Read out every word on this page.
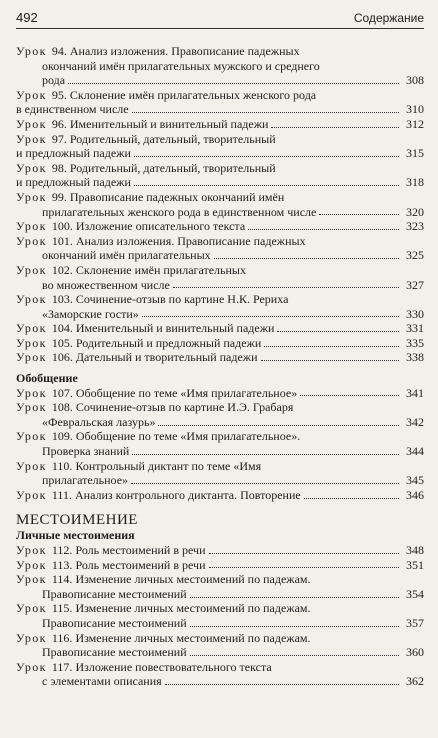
492	Содержание
Урок 94. Анализ изложения. Правописание падежных
окончаний имён прилагательных мужского и среднего
рода	308
Урок 95. Склонение имён прилагательных женского рода
в единственном числе	310
Урок 96. Именительный и винительный падежи	312
Урок 97. Родительный, дательный, творительный
и предложный падежи	315
Урок 98. Родительный, дательный, творительный
и предложный падежи	318
Урок 99. Правописание падежных окончаний имён
прилагательных женского рода в единственном числе	320
Урок 100. Изложение описательного текста	323
Урок 101. Анализ изложения. Правописание падежных
окончаний имён прилагательных	325
Урок 102. Склонение имён прилагательных
во множественном числе	327
Урок 103. Сочинение-отзыв по картине Н.К. Рериха
«Заморские гости»	330
Урок 104. Именительный и винительный падежи	331
Урок 105. Родительный и предложный падежи	335
Урок 106. Дательный и творительный падежи	338
Обобщение
Урок 107. Обобщение по теме «Имя прилагательное»	341
Урок 108. Сочинение-отзыв по картине И.Э. Грабаря
«Февральская лазурь»	342
Урок 109. Обобщение по теме «Имя прилагательное».
Проверка знаний	344
Урок 110. Контрольный диктант по теме «Имя
прилагательное»	345
Урок 111. Анализ контрольного диктанта. Повторение	346
МЕСТОИМЕНИЕ
Личные местоимения
Урок 112. Роль местоимений в речи	348
Урок 113. Роль местоимений в речи	351
Урок 114. Изменение личных местоимений по падежам.
Правописание местоимений	354
Урок 115. Изменение личных местоимений по падежам.
Правописание местоимений	357
Урок 116. Изменение личных местоимений по падежам.
Правописание местоимений	360
Урок 117. Изложение повествовательного текста
с элементами описания	362
